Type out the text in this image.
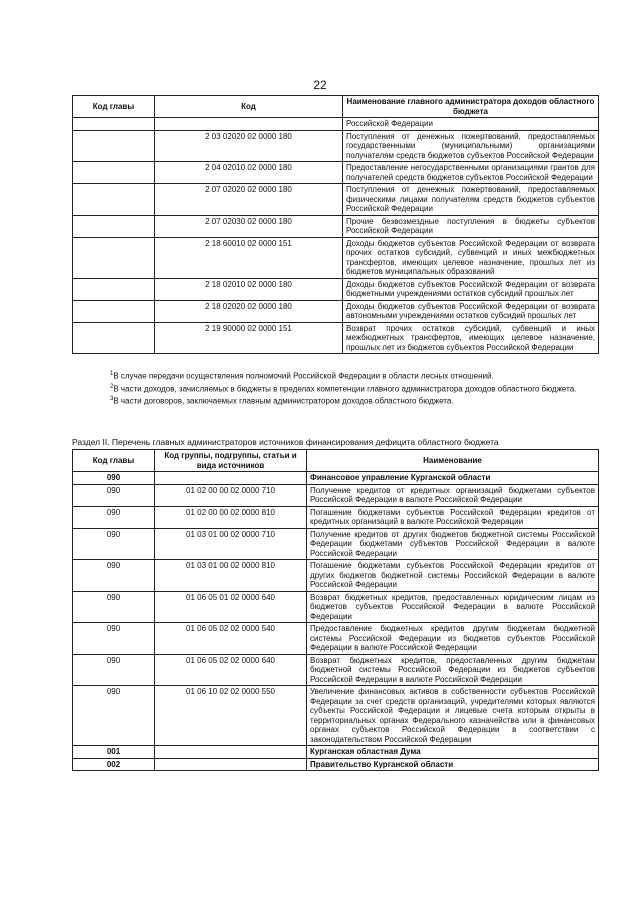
22
Код главы	Код	Наименование главного администратора доходов областного бюджета
		Российской Федерации
	2 03 02020 02 0000 180	Поступления от денежных пожертвований, предоставляемых государственными (муниципальными) организациями получателям средств бюджетов субъектов Российской Федерации
	2 04 02010 02 0000 180	Предоставление негосударственными организациями грантов для получателей средств бюджетов субъектов Российской Федерации
	2 07 02020 02 0000 180	Поступления от денежных пожертвований, предоставляемых физическими лицами получателям средств бюджетов субъектов Российской Федерации
	2 07 02030 02 0000 180	Прочие безвозмездные поступления в бюджеты субъектов Российской Федерации
	2 18 60010 02 0000 151	Доходы бюджетов субъектов Российской Федерации от возврата прочих остатков субсидий, субвенций и иных межбюджетных трансфертов, имеющих целевое назначение, прошлых лет из бюджетов муниципальных образований
	2 18 02010 02 0000 180	Доходы бюджетов субъектов Российской Федерации от возврата бюджетными учреждениями остатков субсидий прошлых лет
	2 18 02020 02 0000 180	Доходы бюджетов субъектов Российской Федерации от возврата автономными учреждениями остатков субсидий прошлых лет
	2 19 90000 02 0000 151	Возврат прочих остатков субсидий, субвенций и иных межбюджетных трансфертов, имеющих целевое назначение, прошлых лет из бюджетов субъектов Российской Федерации
$^1$В случае передачи осуществления полномочий Российской Федерации в области лесных отношений.
$^2$В части доходов, зачисляемых в бюджеты в пределах компетенции главного администратора доходов областного бюджета.
$^3$В части договоров, заключаемых главным администратором доходов областного бюджета.
Раздел II. Перечень главных администраторов источников финансирования дефицита областного бюджета
Код главы	Код группы, подгруппы, статьи и вида источников	Наименование
090		Финансовое управление Курганской области
090	01 02 00 00 02 0000 710	Получение кредитов от кредитных организаций бюджетами субъектов Российской Федерации в валюте Российской Федерации
090	01 02 00 00 02 0000 810	Погашение бюджетами субъектов Российской Федерации кредитов от кредитных организаций в валюте Российской Федерации
090	01 03 01 00 02 0000 710	Получение кредитов от других бюджетов бюджетной системы Российской Федерации бюджетами субъектов Российской Федерации в валюте Российской Федерации
090	01 03 01 00 02 0000 810	Погашение бюджетами субъектов Российской Федерации кредитов от других бюджетов бюджетной системы Российской Федерации в валюте Российской Федерации
090	01 06 05 01 02 0000 640	Возврат бюджетных кредитов, предоставленных юридическим лицам из бюджетов субъектов Российской Федерации в валюте Российской Федерации
090	01 06 05 02 02 0000 540	Предоставление бюджетных кредитов другим бюджетам бюджетной системы Российской Федерации из бюджетов субъектов Российской Федерации в валюте Российской Федерации
090	01 06 05 02 02 0000 640	Возврат бюджетных кредитов, предоставленных другим бюджетам бюджетной системы Российской Федерации из бюджетов субъектов Российской Федерации в валюте Российской Федерации
090	01 06 10 02 02 0000 550	Увеличение финансовых активов в собственности субъектов Российской Федерации за счет средств организаций, учредителями которых являются субъекты Российской Федерации и лицевые счета которым открыты в территориальных органах Федерального казначейства или в финансовых органах субъектов Российской Федерации в соответствии с законодательством Российской Федерации
001		Курганская областная Дума
002		Правительство Курганской области
